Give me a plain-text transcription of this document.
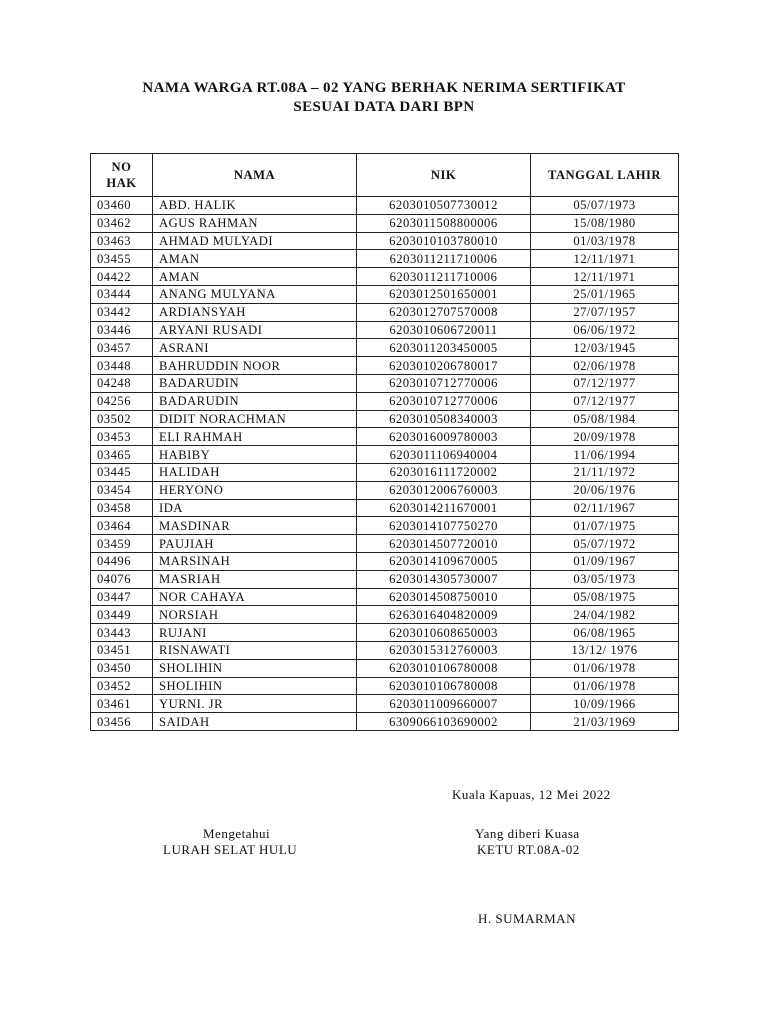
NAMA WARGA RT.08A – 02 YANG BERHAK NERIMA SERTIFIKAT
SESUAI DATA DARI BPN
NO HAK	NAMA	NIK	TANGGAL LAHIR
03460	ABD. HALIK	6203010507730012	05/07/1973
03462	AGUS RAHMAN	6203011508800006	15/08/1980
03463	AHMAD MULYADI	6203010103780010	01/03/1978
03455	AMAN	6203011211710006	12/11/1971
04422	AMAN	6203011211710006	12/11/1971
03444	ANANG MULYANA	6203012501650001	25/01/1965
03442	ARDIANSYAH	6203012707570008	27/07/1957
03446	ARYANI RUSADI	6203010606720011	06/06/1972
03457	ASRANI	6203011203450005	12/03/1945
03448	BAHRUDDIN NOOR	6203010206780017	02/06/1978
04248	BADARUDIN	6203010712770006	07/12/1977
04256	BADARUDIN	6203010712770006	07/12/1977
03502	DIDIT NORACHMAN	6203010508340003	05/08/1984
03453	ELI RAHMAH	6203016009780003	20/09/1978
03465	HABIBY	6203011106940004	11/06/1994
03445	HALIDAH	6203016111720002	21/11/1972
03454	HERYONO	6203012006760003	20/06/1976
03458	IDA	6203014211670001	02/11/1967
03464	MASDINAR	6203014107750270	01/07/1975
03459	PAUJIAH	6203014507720010	05/07/1972
04496	MARSINAH	6203014109670005	01/09/1967
04076	MASRIAH	6203014305730007	03/05/1973
03447	NOR CAHAYA	6203014508750010	05/08/1975
03449	NORSIAH	6263016404820009	24/04/1982
03443	RUJANI	6203010608650003	06/08/1965
03451	RISNAWATI	6203015312760003	13/12/ 1976
03450	SHOLIHIN	6203010106780008	01/06/1978
03452	SHOLIHIN	6203010106780008	01/06/1978
03461	YURNI. JR	6203011009660007	10/09/1966
03456	SAIDAH	6309066103690002	21/03/1969
Kuala Kapuas, 12 Mei 2022
Mengetahui
LURAH SELAT HULU
Yang diberi Kuasa
KETU RT.08A-02
H. SUMARMAN
